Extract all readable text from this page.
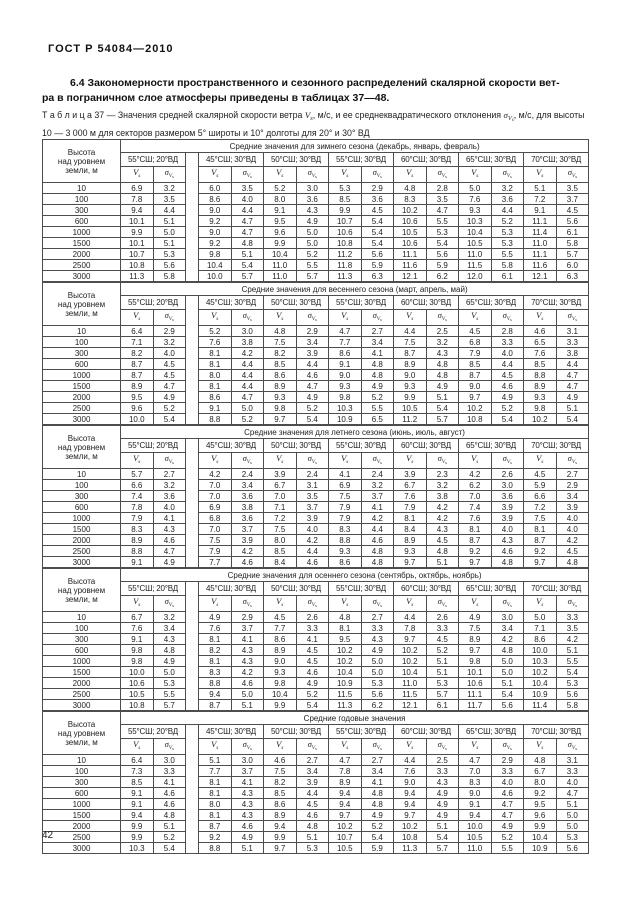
ГОСТ Р 54084—2010
6.4 Закономерности пространственного и сезонного распределений скалярной скорости вет-
ра в пограничном слое атмосферы приведены в таблицах 37—48.
Т а б л и ц а 37 — Значения средней скалярной скорости ветра $V_s$, м/с, и ее среднеквадратического отклонения $\sigma_{Vs}$, м/с, для высоты 10 — 3 000 м для секторов размером 5° широты и 10° долготы для 20° и 30° ВД
Высота
над уровнем
земли, м	Средние значения для зимнего сезона (декабрь, январь, февраль)														
	55°СШ; 20°ВД			45°СШ; 30°ВД		50°СШ; 30°ВД		55°СШ; 30°ВД		60°СШ; 30°ВД		65°СШ; 30°ВД		70°СШ; 30°ВД	
	$V_s$	$\sigma_{Vs}$		$V_s$	$\sigma_{Vs}$	$V_s$	$\sigma_{Vs}$	$V_s$	$\sigma_{Vs}$	$V_s$	$\sigma_{Vs}$	$V_s$	$\sigma_{Vs}$	$V_s$	$\sigma_{Vs}$
10	6.9	3.2		6.0	3.5	5.2	3.0	5.3	2.9	4.8	2.8	5.0	3.2	5.1	3.5
100	7.8	3.5		8.6	4.0	8.0	3.6	8.5	3.6	8.3	3.5	7.6	3.6	7.2	3.7
300	9.4	4.4		9.0	4.4	9.1	4.3	9.9	4.5	10.2	4.7	9.3	4.4	9.1	4.5
600	10.1	5.1		9.2	4.7	9.5	4.9	10.7	5.4	10.6	5.5	10.3	5.2	11.1	5.6
1000	9.9	5.0		9.0	4.7	9.6	5.0	10.6	5.4	10.5	5.3	10.4	5.3	11.4	6.1
1500	10.1	5.1		9.2	4.8	9.9	5.0	10.8	5.4	10.6	5.4	10.5	5.3	11.0	5.8
2000	10.7	5.3		9.8	5.1	10.4	5.2	11.2	5.6	11.1	5.6	11.0	5.5	11.1	5.7
2500	10.8	5.6		10.4	5.4	11.0	5.5	11.8	5.9	11.6	5.9	11.5	5.8	11.6	6.0
3000	11.3	5.8		10.0	5.7	11.0	5.7	11.3	6.3	12.1	6.2	12.0	6.1	12.1	6.3
Высота
над уровнем
земли, м	Средние значения для весеннего сезона (март, апрель, май)														
	55°СШ; 20°ВД			45°СШ; 30°ВД		50°СШ; 30°ВД		55°СШ; 30°ВД		60°СШ; 30°ВД		65°СШ; 30°ВД		70°СШ; 30°ВД	
	$V_s$	$\sigma_{Vs}$		$V_s$	$\sigma_{Vs}$	$V_s$	$\sigma_{Vs}$	$V_s$	$\sigma_{Vs}$	$V_s$	$\sigma_{Vs}$	$V_s$	$\sigma_{Vs}$	$V_s$	$\sigma_{Vs}$
10	6.4	2.9		5.2	3.0	4.8	2.9	4.7	2.7	4.4	2.5	4.5	2.8	4.6	3.1
100	7.1	3.2		7.6	3.8	7.5	3.4	7.7	3.4	7.5	3.2	6.8	3.3	6.5	3.3
300	8.2	4.0		8.1	4.2	8.2	3.9	8.6	4.1	8.7	4.3	7.9	4.0	7.6	3.8
600	8.7	4.5		8.1	4.4	8.5	4.4	9.1	4.8	8.9	4.8	8.5	4.4	8.5	4.4
1000	8.7	4.5		8.0	4.4	8.6	4.6	9.0	4.8	9.0	4.8	8.7	4.5	8.8	4.7
1500	8.9	4.7		8.1	4.4	8.9	4.7	9.3	4.9	9.3	4.9	9.0	4.6	8.9	4.7
2000	9.5	4.9		8.6	4.7	9.3	4.9	9.8	5.2	9.9	5.1	9.7	4.9	9.3	4.9
2500	9.6	5.2		9.1	5.0	9.8	5.2	10.3	5.5	10.5	5.4	10.2	5.2	9.8	5.1
3000	10.0	5.4		8.8	5.2	9.7	5.4	10.9	6.5	11.2	5.7	10.8	5.4	10.2	5.4
Высота
над уровнем
земли, м	Средние значения для летнего сезона (июнь, июль, август)														
	55°СШ; 20°ВД			45°СШ; 30°ВД		50°СШ; 30°ВД		55°СШ; 30°ВД		60°СШ; 30°ВД		65°СШ; 30°ВД		70°СШ; 30°ВД	
	$V_s$	$\sigma_{Vs}$		$V_s$	$\sigma_{Vs}$	$V_s$	$\sigma_{Vs}$	$V_s$	$\sigma_{Vs}$	$V_s$	$\sigma_{Vs}$	$V_s$	$\sigma_{Vs}$	$V_s$	$\sigma_{Vs}$
10	5.7	2.7		4.2	2.4	3.9	2.4	4.1	2.4	3.9	2.3	4.2	2.6	4.5	2.7
100	6.6	3.2		7.0	3.4	6.7	3.1	6.9	3.2	6.7	3.2	6.2	3.0	5.9	2.9
300	7.4	3.6		7.0	3.6	7.0	3.5	7.5	3.7	7.6	3.8	7.0	3.6	6.6	3.4
600	7.8	4.0		6.9	3.8	7.1	3.7	7.9	4.1	7.9	4.2	7.4	3.9	7.2	3.9
1000	7.9	4.1		6.8	3.6	7.2	3.9	7.9	4.2	8.1	4.2	7.6	3.9	7.5	4.0
1500	8.3	4.3		7.0	3.7	7.5	4.0	8.3	4.4	8.4	4.3	8.1	4.0	8.1	4.0
2000	8.9	4.6		7.5	3.9	8.0	4.2	8.8	4.6	8.9	4.5	8.7	4.3	8.7	4.2
2500	8.8	4.7		7.9	4.2	8.5	4.4	9.3	4.8	9.3	4.8	9.2	4.6	9.2	4.5
3000	9.1	4.9		7.7	4.6	8.4	4.6	8.6	4.8	9.7	5.1	9.7	4.8	9.7	4.8
Высота
над уровнем
земли, м	Средние значения для осеннего сезона (сентябрь, октябрь, ноябрь)														
	55°СШ; 20°ВД			45°СШ; 30°ВД		50°СШ; 30°ВД		55°СШ; 30°ВД		60°СШ; 30°ВД		65°СШ; 30°ВД		70°СШ; 30°ВД	
	$V_s$	$\sigma_{Vs}$		$V_s$	$\sigma_{Vs}$	$V_s$	$\sigma_{Vs}$	$V_s$	$\sigma_{Vs}$	$V_s$	$\sigma_{Vs}$	$V_s$	$\sigma_{Vs}$	$V_s$	$\sigma_{Vs}$
10	6.7	3.2		4.9	2.9	4.5	2.6	4.8	2.7	4.4	2.6	4.9	3.0	5.0	3.3
100	7.6	3.4		7.6	3.7	7.7	3.3	8.1	3.3	7.8	3.3	7.5	3.4	7.1	3.5
300	9.1	4.3		8.1	4.1	8.6	4.1	9.5	4.3	9.7	4.5	8.9	4.2	8.6	4.2
600	9.8	4.8		8.2	4.3	8.9	4.5	10.2	4.9	10.2	5.2	9.7	4.8	10.0	5.1
1000	9.8	4.9		8.1	4.3	9.0	4.5	10.2	5.0	10.2	5.1	9.8	5.0	10.3	5.5
1500	10.0	5.0		8.3	4.2	9.3	4.6	10.4	5.0	10.4	5.1	10.1	5.0	10.2	5.4
2000	10.6	5.3		8.8	4.6	9.8	4.9	10.9	5.3	11.0	5.3	10.6	5.1	10.4	5.3
2500	10.5	5.5		9.4	5.0	10.4	5.2	11.5	5.6	11.5	5.7	11.1	5.4	10.9	5.6
3000	10.8	5.7		8.7	5.1	9.9	5.4	11.3	6.2	12.1	6.1	11.7	5.6	11.4	5.8
Высота
над уровнем
земли, м	Средние годовые значения														
	55°СШ; 20°ВД			45°СШ; 30°ВД		50°СШ; 30°ВД		55°СШ; 30°ВД		60°СШ; 30°ВД		65°СШ; 30°ВД		70°СШ; 30°ВД	
	$V_s$	$\sigma_{Vs}$		$V_s$	$\sigma_{Vs}$	$V_s$	$\sigma_{Vs}$	$V_s$	$\sigma_{Vs}$	$V_s$	$\sigma_{Vs}$	$V_s$	$\sigma_{Vs}$	$V_s$	$\sigma_{Vs}$
10	6.4	3.0		5.1	3.0	4.6	2.7	4.7	2.7	4.4	2.5	4.7	2.9	4.8	3.1
100	7.3	3.3		7.7	3.7	7.5	3.4	7.8	3.4	7.6	3.3	7.0	3.3	6.7	3.3
300	8.5	4.1		8.1	4.1	8.2	3.9	8.9	4.1	9.0	4.3	8.3	4.0	8.0	4.0
600	9.1	4.6		8.1	4.3	8.5	4.4	9.4	4.8	9.4	4.9	9.0	4.6	9.2	4.7
1000	9.1	4.6		8.0	4.3	8.6	4.5	9.4	4.8	9.4	4.9	9.1	4.7	9.5	5.1
1500	9.4	4.8		8.1	4.3	8.9	4.6	9.7	4.9	9.7	4.9	9.4	4.7	9.6	5.0
2000	9.9	5.1		8.7	4.6	9.4	4.8	10.2	5.2	10.2	5.1	10.0	4.9	9.9	5.0
2500	9.9	5.2		9.2	4.9	9.9	5.1	10.7	5.4	10.8	5.4	10.5	5.2	10.4	5.3
3000	10.3	5.4		8.8	5.1	9.7	5.3	10.5	5.9	11.3	5.7	11.0	5.5	10.9	5.6
42
